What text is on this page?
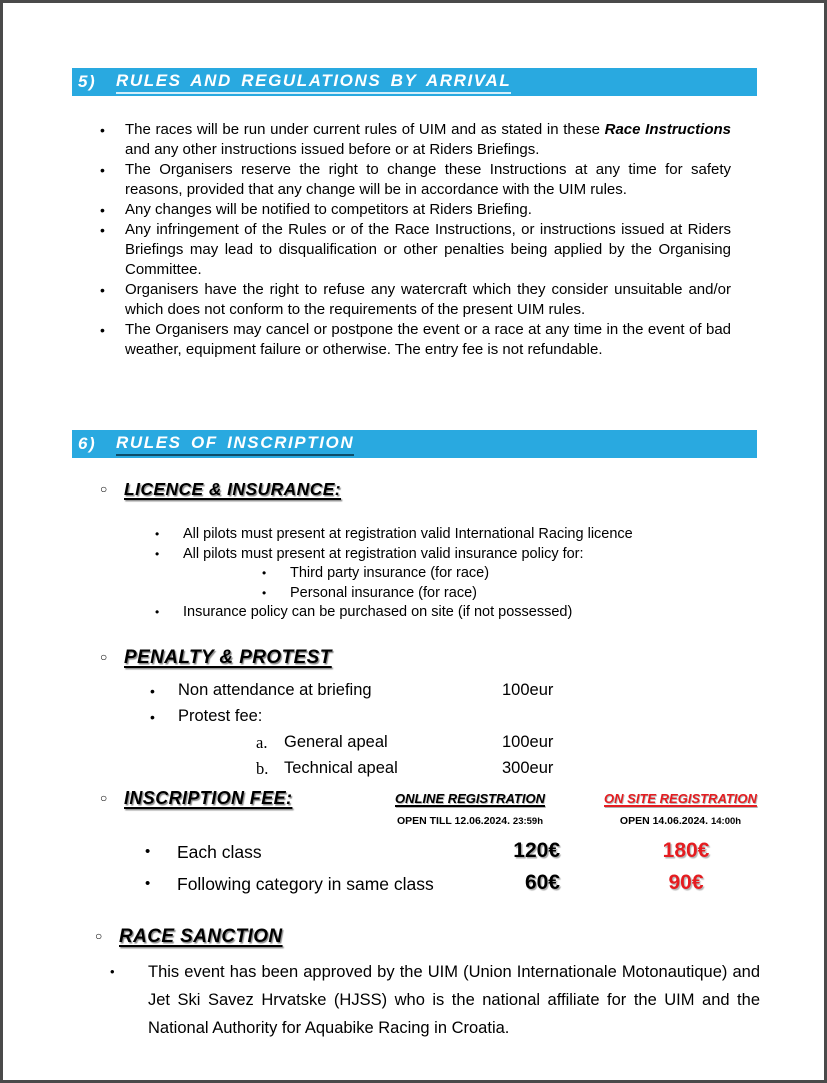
5)	RULES AND REGULATIONS BY ARRIVAL
•	The races will be run under current rules of UIM and as stated in these Race Instructions and any other instructions issued before or at Riders Briefings.
•	The Organisers reserve the right to change these Instructions at any time for safety reasons, provided that any change will be in accordance with the UIM rules.
•	Any changes will be notified to competitors at Riders Briefing.
•	Any infringement of the Rules or of the Race Instructions, or instructions issued at Riders Briefings may lead to disqualification or other penalties being applied by the Organising Committee.
•	Organisers have the right to refuse any watercraft which they consider unsuitable and/or which does not conform to the requirements of the present UIM rules.
•	The Organisers may cancel or postpone the event or a race at any time in the event of bad weather, equipment failure or otherwise. The entry fee is not refundable.
6)	RULES OF INSCRIPTION
○ LICENCE & INSURANCE:
•	All pilots must present at registration valid International Racing licence
•	All pilots must present at registration valid insurance policy for:
•	Third party insurance (for race)
•	Personal insurance (for race)
•	Insurance policy can be purchased on site (if not possessed)
○ PENALTY & PROTEST
• Non attendance at briefing	100eur
• Protest fee:
a. General apeal	100eur
b. Technical apeal	300eur
○ INSCRIPTION FEE:	ONLINE REGISTRATION	ON SITE REGISTRATION
OPEN TILL 12.06.2024. 23:59h	OPEN 14.06.2024. 14:00h
• Each class	120€	180€
• Following category in same class	60€	90€
○ RACE SANCTION
•	This event has been approved by the UIM (Union Internationale Motonautique) and Jet Ski Savez Hrvatske (HJSS) who is the national affiliate for the UIM and the National Authority for Aquabike Racing in Croatia.
